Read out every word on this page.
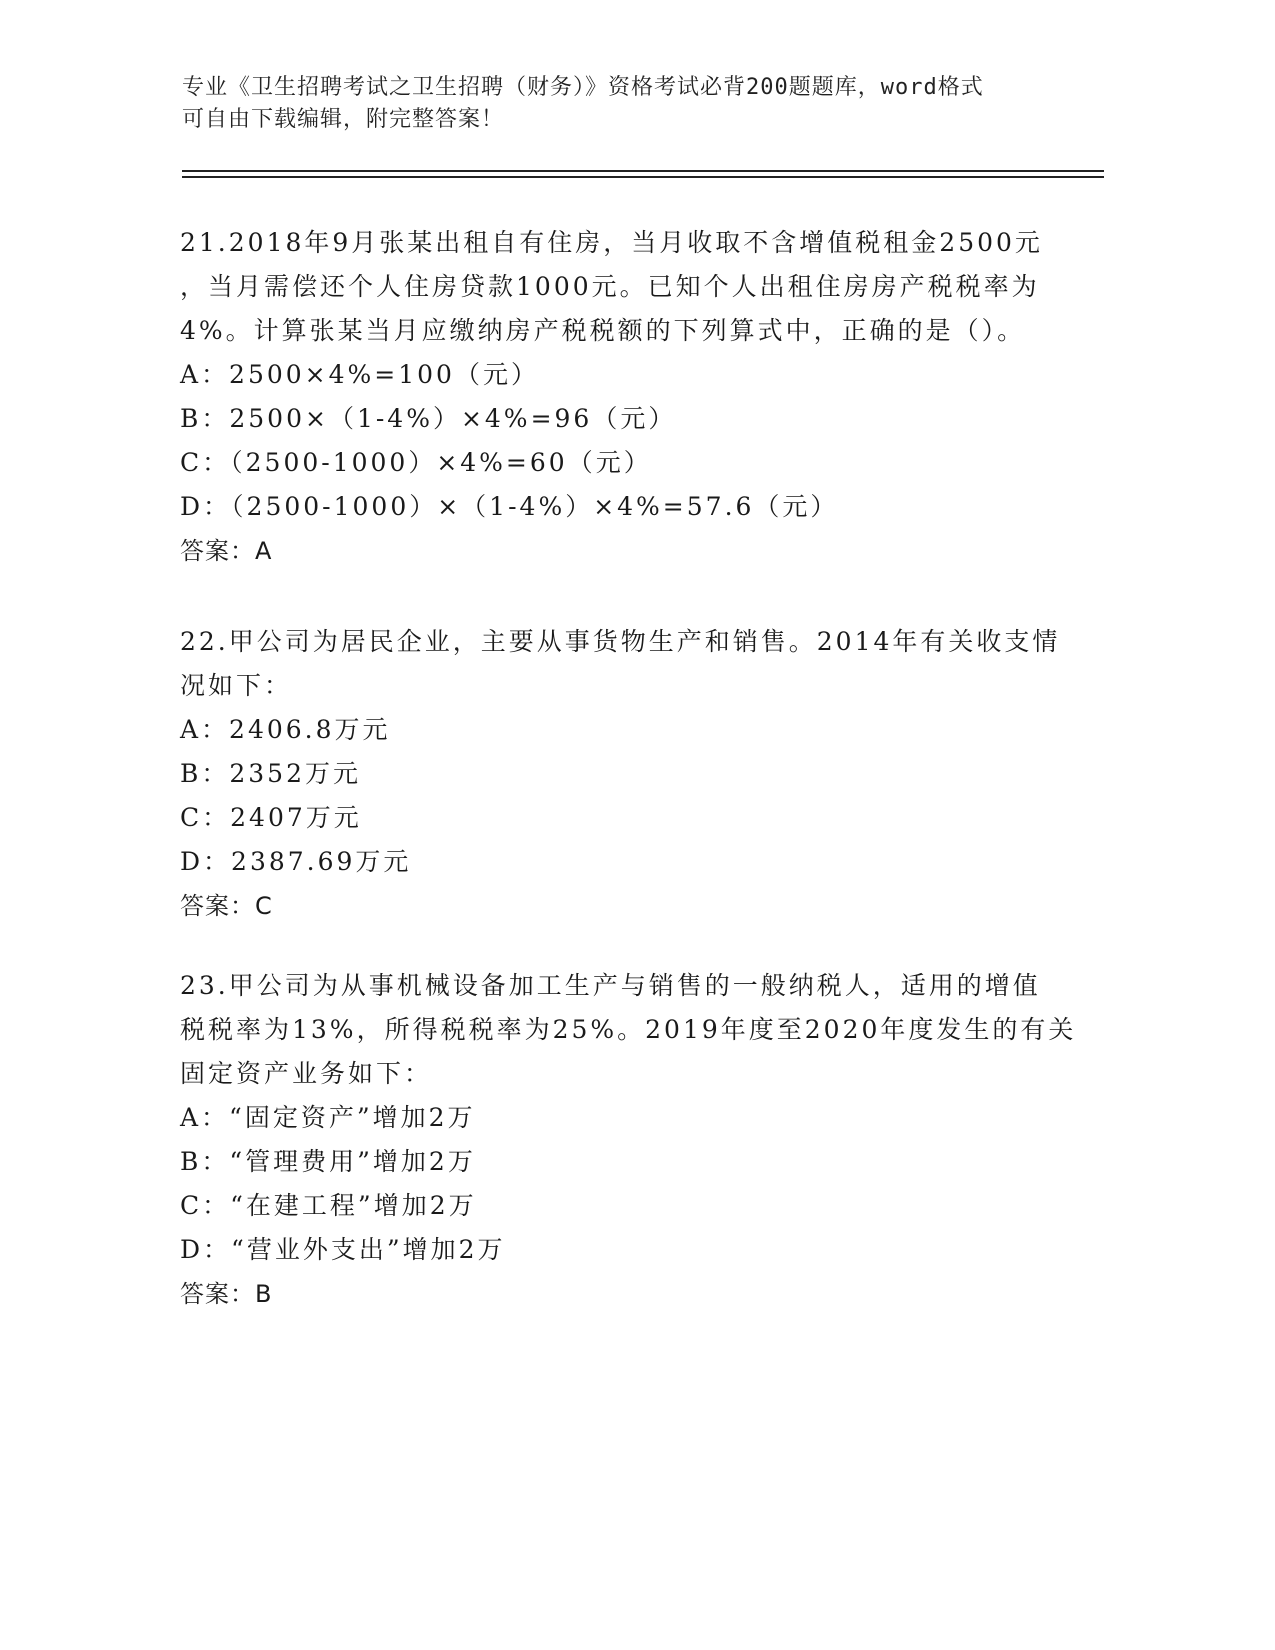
专业《卫生招聘考试之卫生招聘（财务）》资格考试必背200题题库，word格式
可自由下载编辑，附完整答案！
21.2018年9月张某出租自有住房，当月收取不含增值税租金2500元
，当月需偿还个人住房贷款1000元。已知个人出租住房房产税税率为
4%。计算张某当月应缴纳房产税税额的下列算式中，正确的是（）。
A：2500×4%=100（元）
B：2500×（1-4%）×4%=96（元）
C：（2500-1000）×4%=60（元）
D：（2500-1000）×（1-4%）×4%=57.6（元）
答案：A
22.甲公司为居民企业，主要从事货物生产和销售。2014年有关收支情
况如下：
A：2406.8万元
B：2352万元
C：2407万元
D：2387.69万元
答案：C
23.甲公司为从事机械设备加工生产与销售的一般纳税人，适用的增值
税税率为13%，所得税税率为25%。2019年度至2020年度发生的有关
固定资产业务如下：
A：“固定资产”增加2万
B：“管理费用”增加2万
C：“在建工程”增加2万
D：“营业外支出”增加2万
答案：B
